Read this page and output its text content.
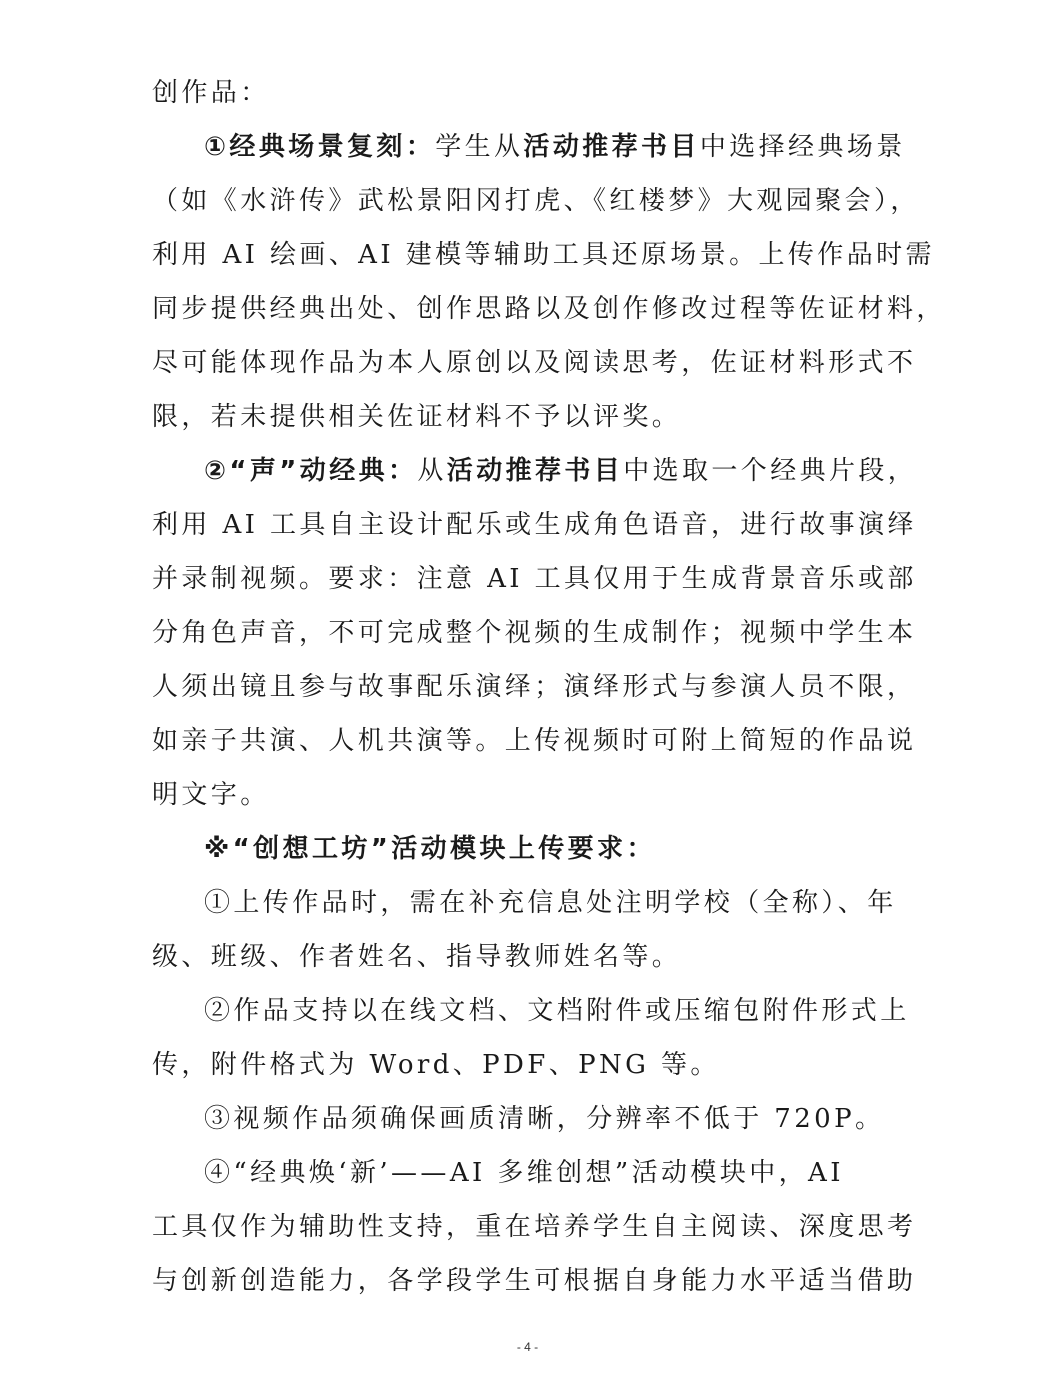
创作品：
①经典场景复刻：学生从活动推荐书目中选择经典场景
（如《水浒传》武松景阳冈打虎、《红楼梦》大观园聚会），
利用 AI 绘画、AI 建模等辅助工具还原场景。上传作品时需
同步提供经典出处、创作思路以及创作修改过程等佐证材料，
尽可能体现作品为本人原创以及阅读思考，佐证材料形式不
限，若未提供相关佐证材料不予以评奖。
②“声”动经典：从活动推荐书目中选取一个经典片段，
利用 AI 工具自主设计配乐或生成角色语音，进行故事演绎
并录制视频。要求：注意 AI 工具仅用于生成背景音乐或部
分角色声音，不可完成整个视频的生成制作；视频中学生本
人须出镜且参与故事配乐演绎；演绎形式与参演人员不限，
如亲子共演、人机共演等。上传视频时可附上简短的作品说
明文字。
※“创想工坊”活动模块上传要求：
①上传作品时，需在补充信息处注明学校（全称）、年
级、班级、作者姓名、指导教师姓名等。
②作品支持以在线文档、文档附件或压缩包附件形式上
传，附件格式为 Word、PDF、PNG 等。
③视频作品须确保画质清晰，分辨率不低于 720P。
④“经典焕‘新’——AI 多维创想”活动模块中，AI
工具仅作为辅助性支持，重在培养学生自主阅读、深度思考
与创新创造能力，各学段学生可根据自身能力水平适当借助
- 4 -
